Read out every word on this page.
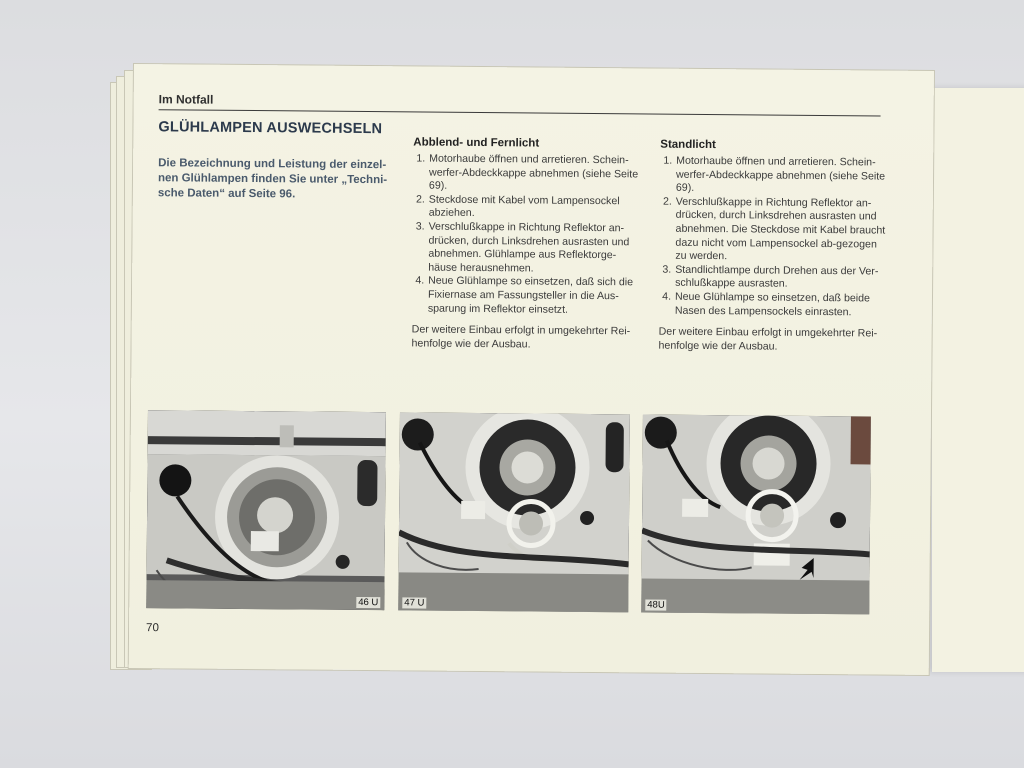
Im Notfall
GLÜHLAMPEN AUSWECHSELN

Die Bezeichnung und Leistung der einzel-
nen Glühlampen finden Sie unter „Techni-
sche Daten“ auf Seite 96.

Abblend- und Fernlicht
1. Motorhaube öffnen und arretieren. Schein-werfer-Abdeckkappe abnehmen (siehe Seite 69).
2. Steckdose mit Kabel vom Lampensockel abziehen.
3. Verschlußkappe in Richtung Reflektor an-drücken, durch Linksdrehen ausrasten und abnehmen. Glühlampe aus Reflektorge-häuse herausnehmen.
4. Neue Glühlampe so einsetzen, daß sich die Fixiernase am Fassungsteller in die Aus-sparung im Reflektor einsetzt.

Der weitere Einbau erfolgt in umgekehrter Rei-henfolge wie der Ausbau.

Standlicht
1. Motorhaube öffnen und arretieren. Schein-werfer-Abdeckkappe abnehmen (siehe Seite 69).
2. Verschlußkappe in Richtung Reflektor an-drücken, durch Linksdrehen ausrasten und abnehmen. Die Steckdose mit Kabel braucht dazu nicht vom Lampensockel ab-gezogen zu werden.
3. Standlichtlampe durch Drehen aus der Ver-schlußkappe ausrasten.
4. Neue Glühlampe so einsetzen, daß beide Nasen des Lampensockels einrasten.

Der weitere Einbau erfolgt in umgekehrter Rei-henfolge wie der Ausbau.

46 U	47 U	48U
70
